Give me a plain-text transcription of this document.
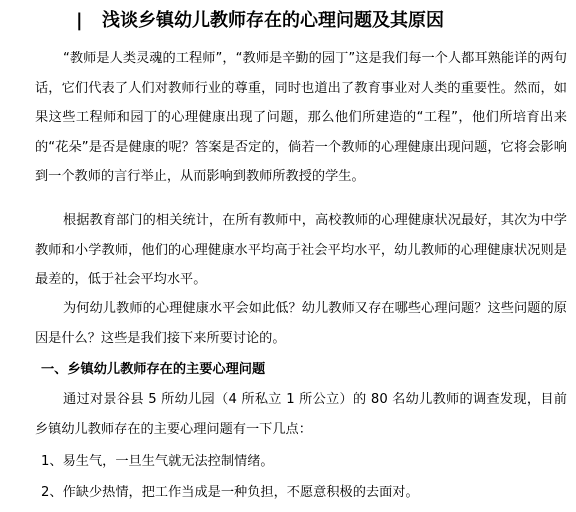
| 浅谈乡镇幼儿教师存在的心理问题及其原因

“教师是人类灵魂的工程师”，“教师是辛勤的园丁”这是我们每一个人都耳熟能详的两句话，它们代表了人们对教师行业的尊重，同时也道出了教育事业对人类的重要性。然而，如果这些工程师和园丁的心理健康出现了问题，那么他们所建造的“工程”，他们所培育出来的“花朵”是否是健康的呢？答案是否定的，倘若一个教师的心理健康出现问题，它将会影响到一个教师的言行举止，从而影响到教师所教授的学生。

根据教育部门的相关统计，在所有教师中，高校教师的心理健康状况最好，其次为中学教师和小学教师，他们的心理健康水平均高于社会平均水平，幼儿教师的心理健康状况则是最差的，低于社会平均水平。

为何幼儿教师的心理健康水平会如此低？幼儿教师又存在哪些心理问题？这些问题的原因是什么？这些是我们接下来所要讨论的。

一、乡镇幼儿教师存在的主要心理问题

通过对景谷县 5 所幼儿园（4 所私立 1 所公立）的 80 名幼儿教师的调查发现，目前乡镇幼儿教师存在的主要心理问题有一下几点：

1、易生气，一旦生气就无法控制情绪。
2、作缺少热情，把工作当成是一种负担，不愿意积极的去面对。
